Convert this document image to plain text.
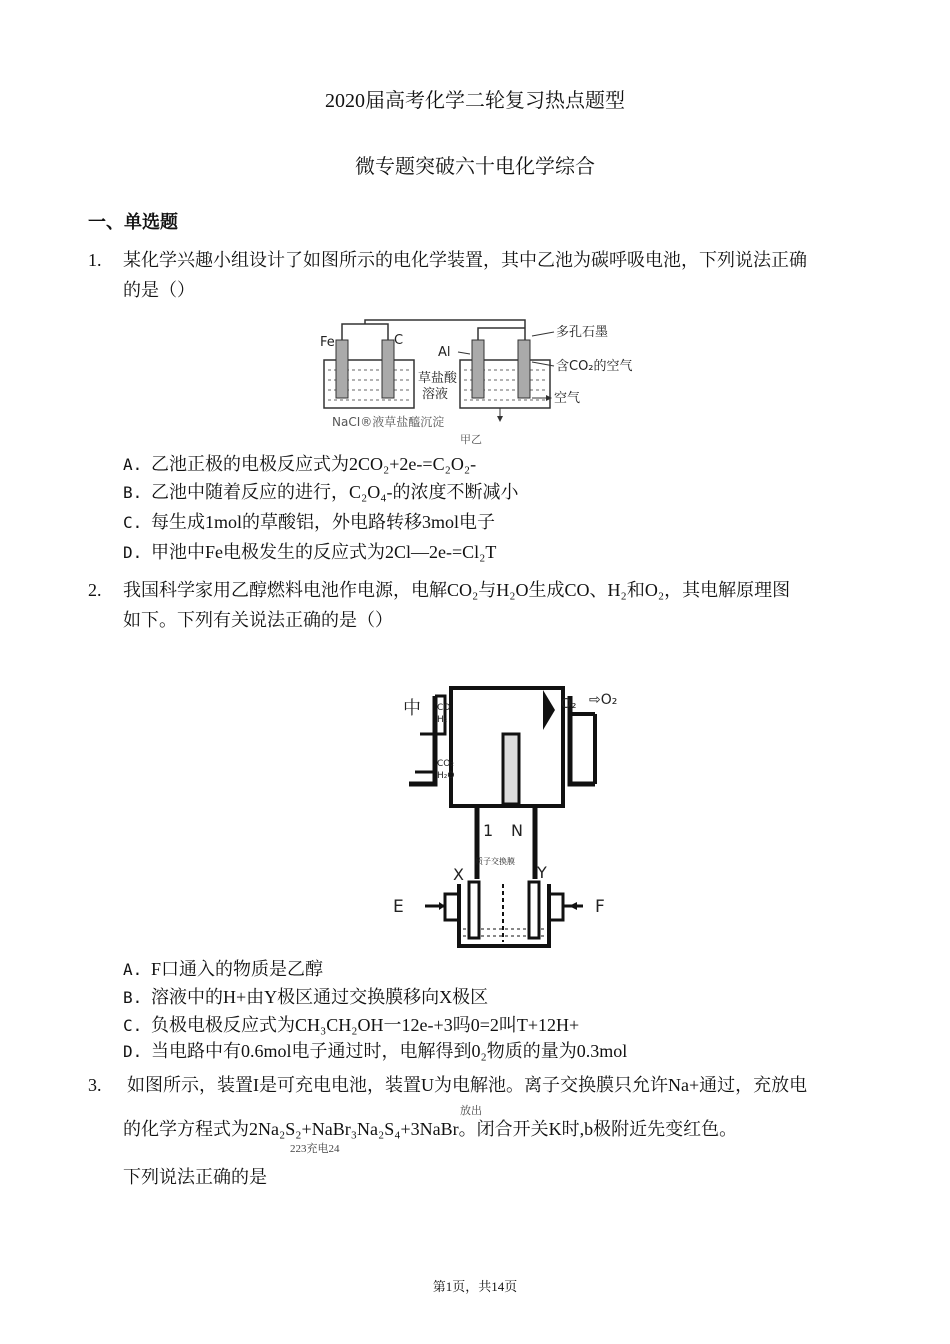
2020届高考化学二轮复习热点题型
微专题突破六十电化学综合
一、单选题
1. 某化学兴趣小组设计了如图所示的电化学装置，其中乙池为碳呼吸电池，下列说法正确
的是（）
Fe	C
Al
多孔石墨
含CO₂的空气
草盐酸
溶液	空气
NaCI®液草盐醯沉淀
甲乙
A. 乙池正极的电极反应式为2CO₂+2e-=C₂O₂-
B. 乙池中随着反应的进行，C₂O₄-的浓度不断减小
C. 每生成1mol的草酸铝，外电路转移3mol电子
D. 甲池中Fe电极发生的反应式为2Cl—2e-=Cl₂T
2. 我国科学家用乙醇燃料电池作电源，电解CO₂与H₂O生成CO、H₂和O₂，其电解原理图
如下。下列有关说法正确的是（）
中 CO
H₂
CO₂
H₂O
O₂ ⇨O₂
1 N
X	Y
质子交换膜
E	F
A. F口通入的物质是乙醇
B. 溶液中的H+由Y极区通过交换膜移向X极区
C. 负极电极反应式为CH₃CH₂OH一12e-+3吗0=2叫T+12H+
D. 当电路中有0.6mol电子通过时，电解得到0₂物质的量为0.3mol
3. 如图所示，装置I是可充电电池，装置U为电解池。离子交换膜只允许Na+通过，充放电
放出
的化学方程式为2Na₂S₂+NaBr₃Na₂S₄+3NaBr。闭合开关K时,b极附近先变红色。
223充电24
下列说法正确的是
第1页，共14页
